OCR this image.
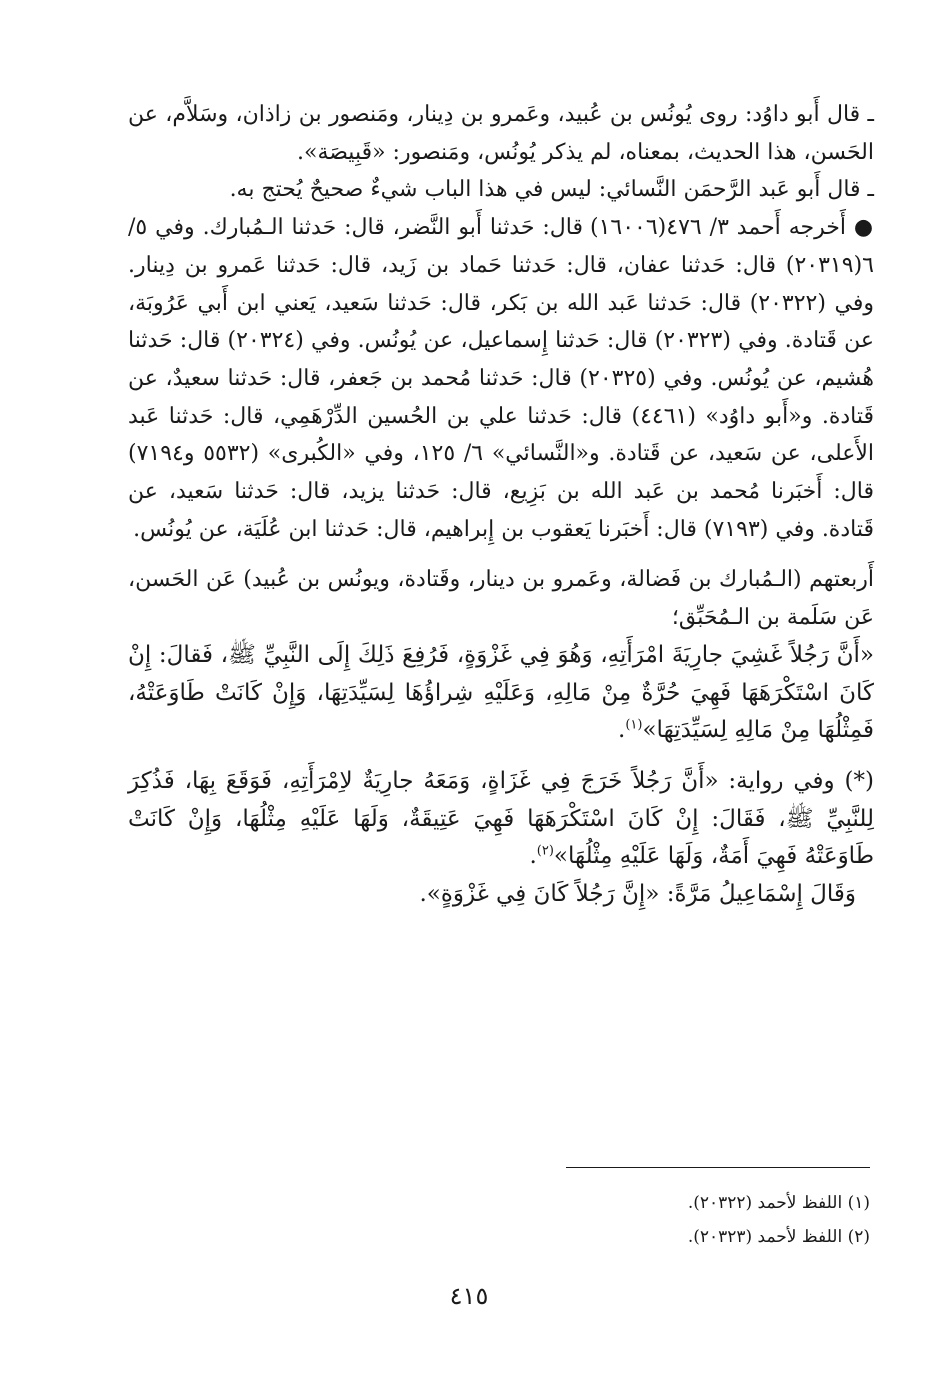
ـ قال أَبو داوُد: روى يُونُس بن عُبيد، وعَمرو بن دِينار، ومَنصور بن زاذان، وسَلاَّم، عن الحَسن، هذا الحديث، بمعناه، لم يذكر يُونُس، ومَنصور: «قَبِيصَة».

ـ قال أَبو عَبد الرَّحمَن النَّسائي: ليس في هذا الباب شيءٌ صحيحٌ يُحتج به.

● أَخرجه أَحمد ٣/ ٤٧٦(١٦٠٠٦) قال: حَدثنا أَبو النَّضر، قال: حَدثنا الـمُبارك. وفي ٥/ ٦(٢٠٣١٩) قال: حَدثنا عفان، قال: حَدثنا حَماد بن زَيد، قال: حَدثنا عَمرو بن دِينار. وفي (٢٠٣٢٢) قال: حَدثنا عَبد الله بن بَكر، قال: حَدثنا سَعيد، يَعني ابن أَبي عَرُوبَة، عن قَتادة. وفي (٢٠٣٢٣) قال: حَدثنا إِسماعيل، عن يُونُس. وفي (٢٠٣٢٤) قال: حَدثنا هُشيم، عن يُونُس. وفي (٢٠٣٢٥) قال: حَدثنا مُحمد بن جَعفر، قال: حَدثنا سعيدٌ، عن قَتادة. و«أَبو داوُد» (٤٤٦١) قال: حَدثنا علي بن الحُسين الدِّرْهَمِي، قال: حَدثنا عَبد الأَعلى، عن سَعيد، عن قَتادة. و«النَّسائي» ٦/ ١٢٥، وفي «الكُبرى» (٥٥٣٢ و٧١٩٤) قال: أَخبَرنا مُحمد بن عَبد الله بن بَزِيع، قال: حَدثنا يزيد، قال: حَدثنا سَعيد، عن قَتادة. وفي (٧١٩٣) قال: أَخبَرنا يَعقوب بن إِبراهيم، قال: حَدثنا ابن عُلَيَة، عن يُونُس.

أَربعتهم (الـمُبارك بن فَضالة، وعَمرو بن دينار، وقَتادة، ويونُس بن عُبيد) عَن الحَسن، عَن سَلَمة بن الـمُحَبِّق؛

«أَنَّ رَجُلاً غَشِيَ جارِيَةَ امْرَأَتِهِ، وَهُوَ فِي غَزْوَةٍ، فَرُفِعَ ذَلِكَ إِلَى النَّبِيِّ ﷺ، فَقالَ: إِنْ كَانَ اسْتَكْرَهَهَا فَهِيَ حُرَّةٌ مِنْ مَالِهِ، وَعَلَيْهِ شِراؤُهَا لِسَيِّدَتِهَا، وَإِنْ كَانَتْ طَاوَعَتْهُ، فَمِثْلُهَا مِنْ مَالِهِ لِسَيِّدَتِهَا»$^{(١)}$.

(*) وفي رواية: «أَنَّ رَجُلاً خَرَجَ فِي غَزَاةٍ، وَمَعَهُ جارِيَةٌ لاِمْرَأَتِهِ، فَوَقَعَ بِهَا، فَذُكِرَ لِلنَّبِيِّ ﷺ، فَقَالَ: إِنْ كَانَ اسْتَكْرَهَهَا فَهِيَ عَتِيقَةٌ، وَلَهَا عَلَيْهِ مِثْلُهَا، وَإِنْ كَانَتْ طَاوَعَتْهُ فَهِيَ أَمَةٌ، وَلَهَا عَلَيْهِ مِثْلُهَا»$^{(٢)}$.

وَقَالَ إِسْمَاعِيلُ مَرَّةً: «إِنَّ رَجُلاً كَانَ فِي غَزْوَةٍ».

(١) اللفظ لأحمد (٢٠٣٢٢).

(٢) اللفظ لأحمد (٢٠٣٢٣).

٤١٥
